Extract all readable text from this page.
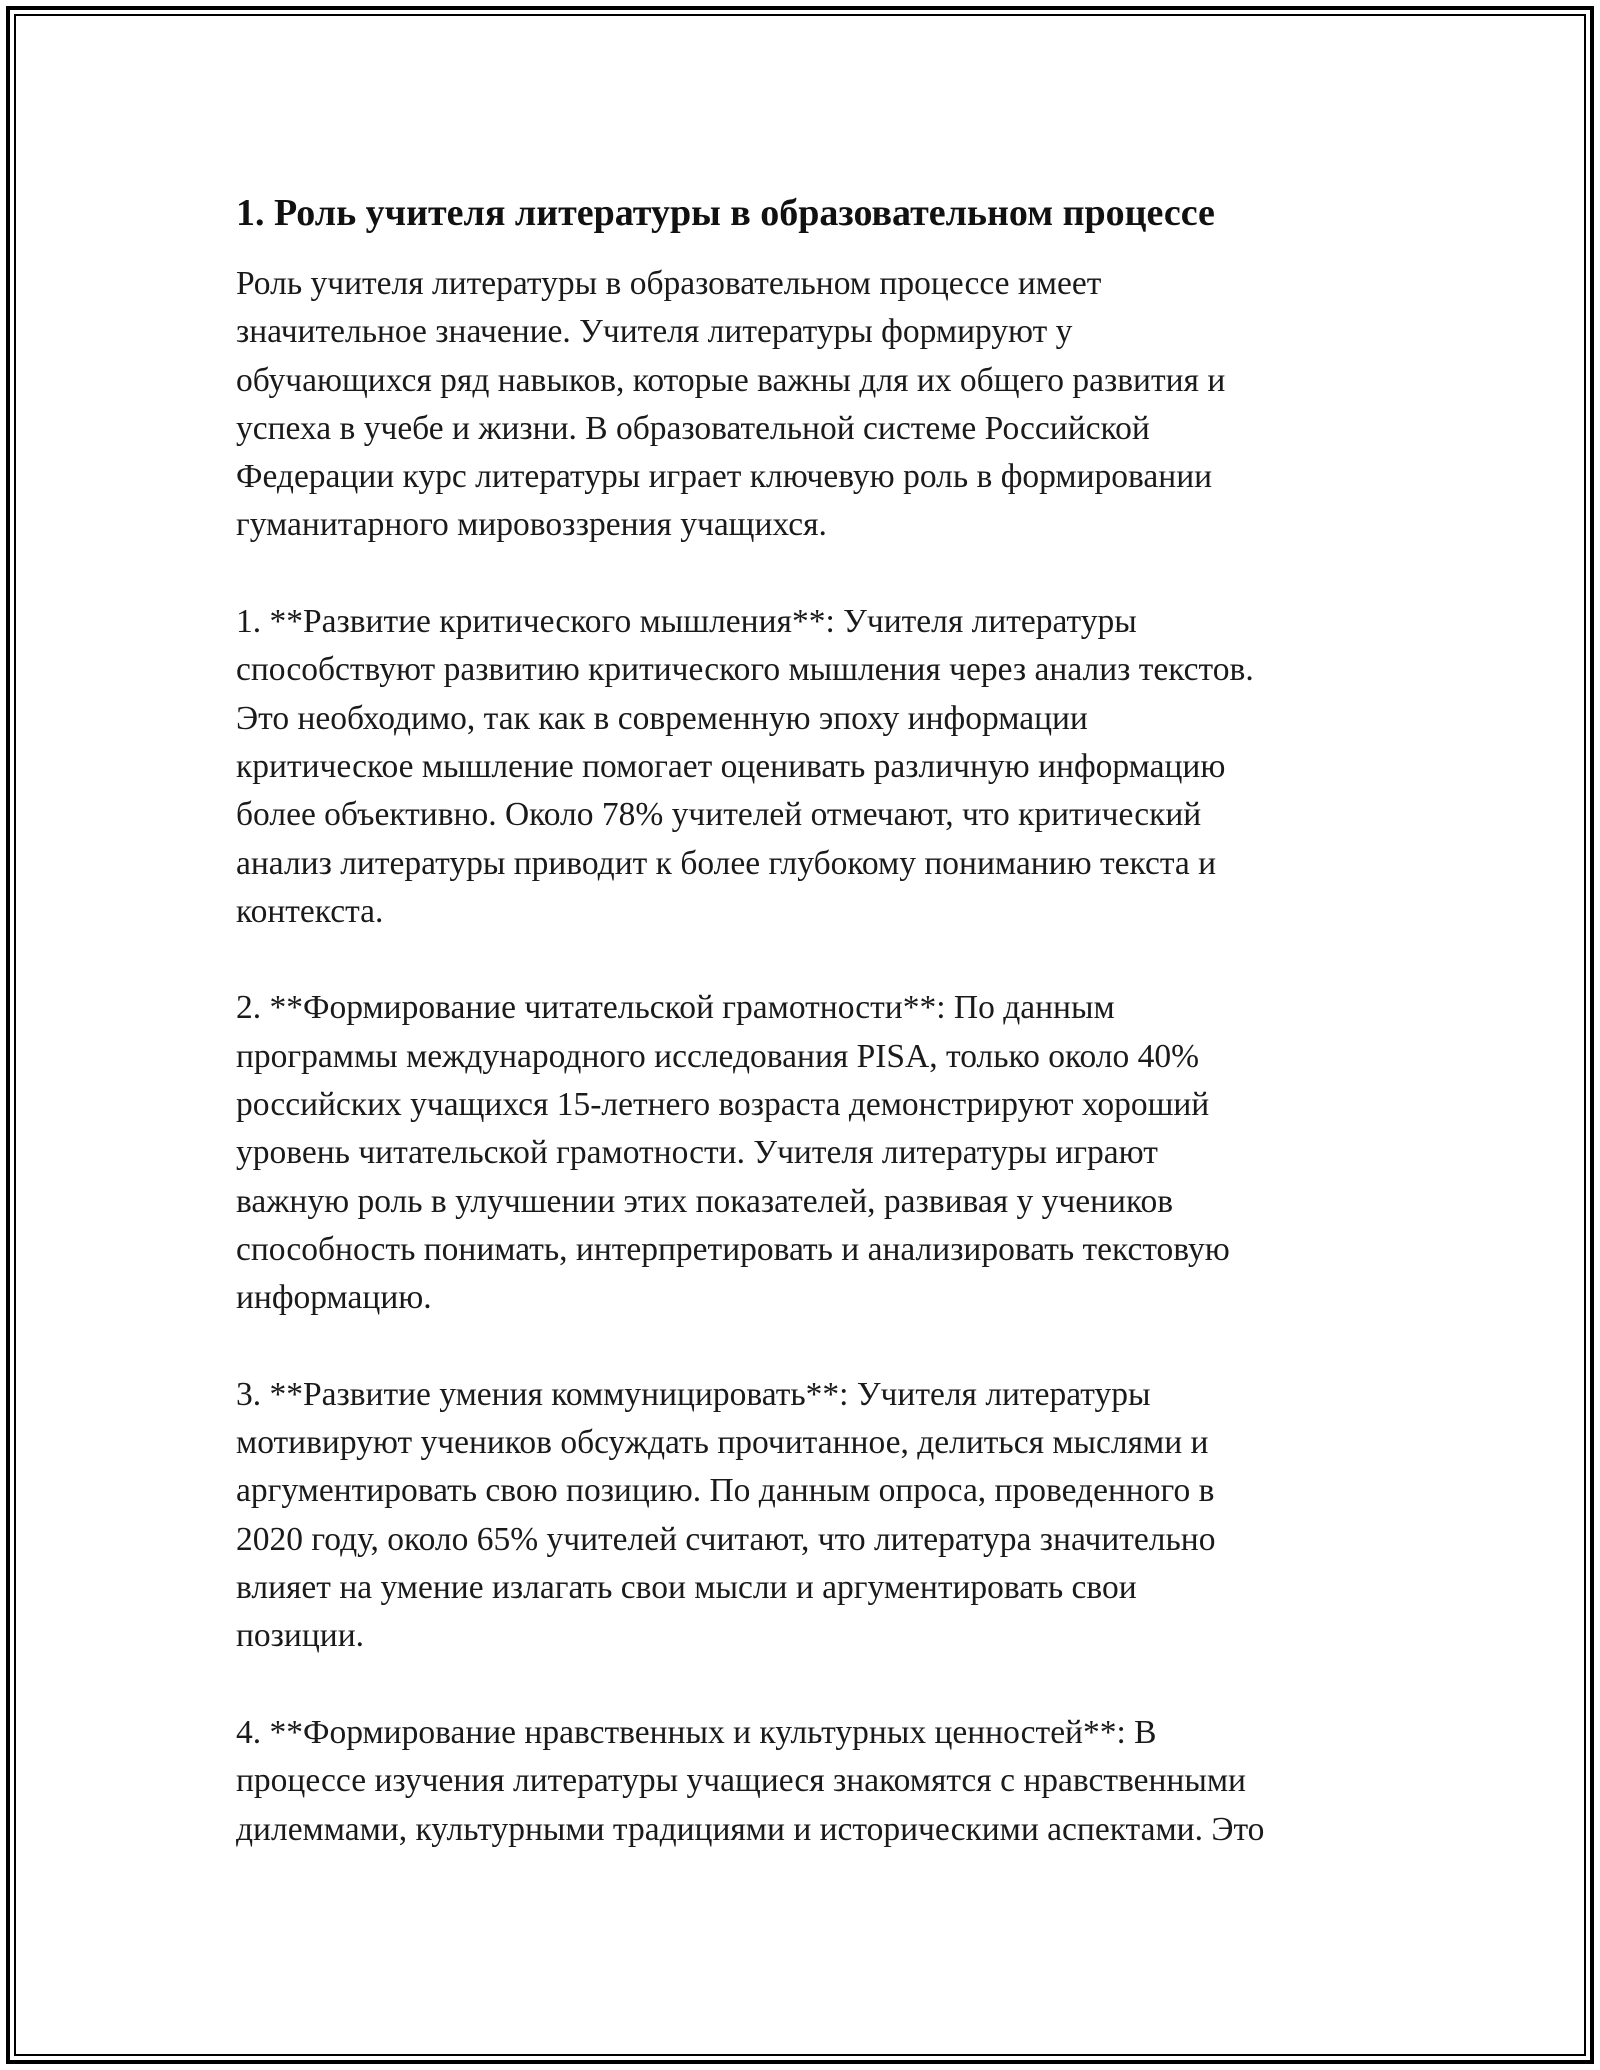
1. Роль учителя литературы в образовательном процессе

Роль учителя литературы в образовательном процессе имеет
значительное значение. Учителя литературы формируют у
обучающихся ряд навыков, которые важны для их общего развития и
успеха в учебе и жизни. В образовательной системе Российской
Федерации курс литературы играет ключевую роль в формировании
гуманитарного мировоззрения учащихся.

1. **Развитие критического мышления**: Учителя литературы
способствуют развитию критического мышления через анализ текстов.
Это необходимо, так как в современную эпоху информации
критическое мышление помогает оценивать различную информацию
более объективно. Около 78% учителей отмечают, что критический
анализ литературы приводит к более глубокому пониманию текста и
контекста.

2. **Формирование читательской грамотности**: По данным
программы международного исследования PISA, только около 40%
российских учащихся 15-летнего возраста демонстрируют хороший
уровень читательской грамотности. Учителя литературы играют
важную роль в улучшении этих показателей, развивая у учеников
способность понимать, интерпретировать и анализировать текстовую
информацию.

3. **Развитие умения коммуницировать**: Учителя литературы
мотивируют учеников обсуждать прочитанное, делиться мыслями и
аргументировать свою позицию. По данным опроса, проведенного в
2020 году, около 65% учителей считают, что литература значительно
влияет на умение излагать свои мысли и аргументировать свои
позиции.

4. **Формирование нравственных и культурных ценностей**: В
процессе изучения литературы учащиеся знакомятся с нравственными
дилеммами, культурными традициями и историческими аспектами. Это
